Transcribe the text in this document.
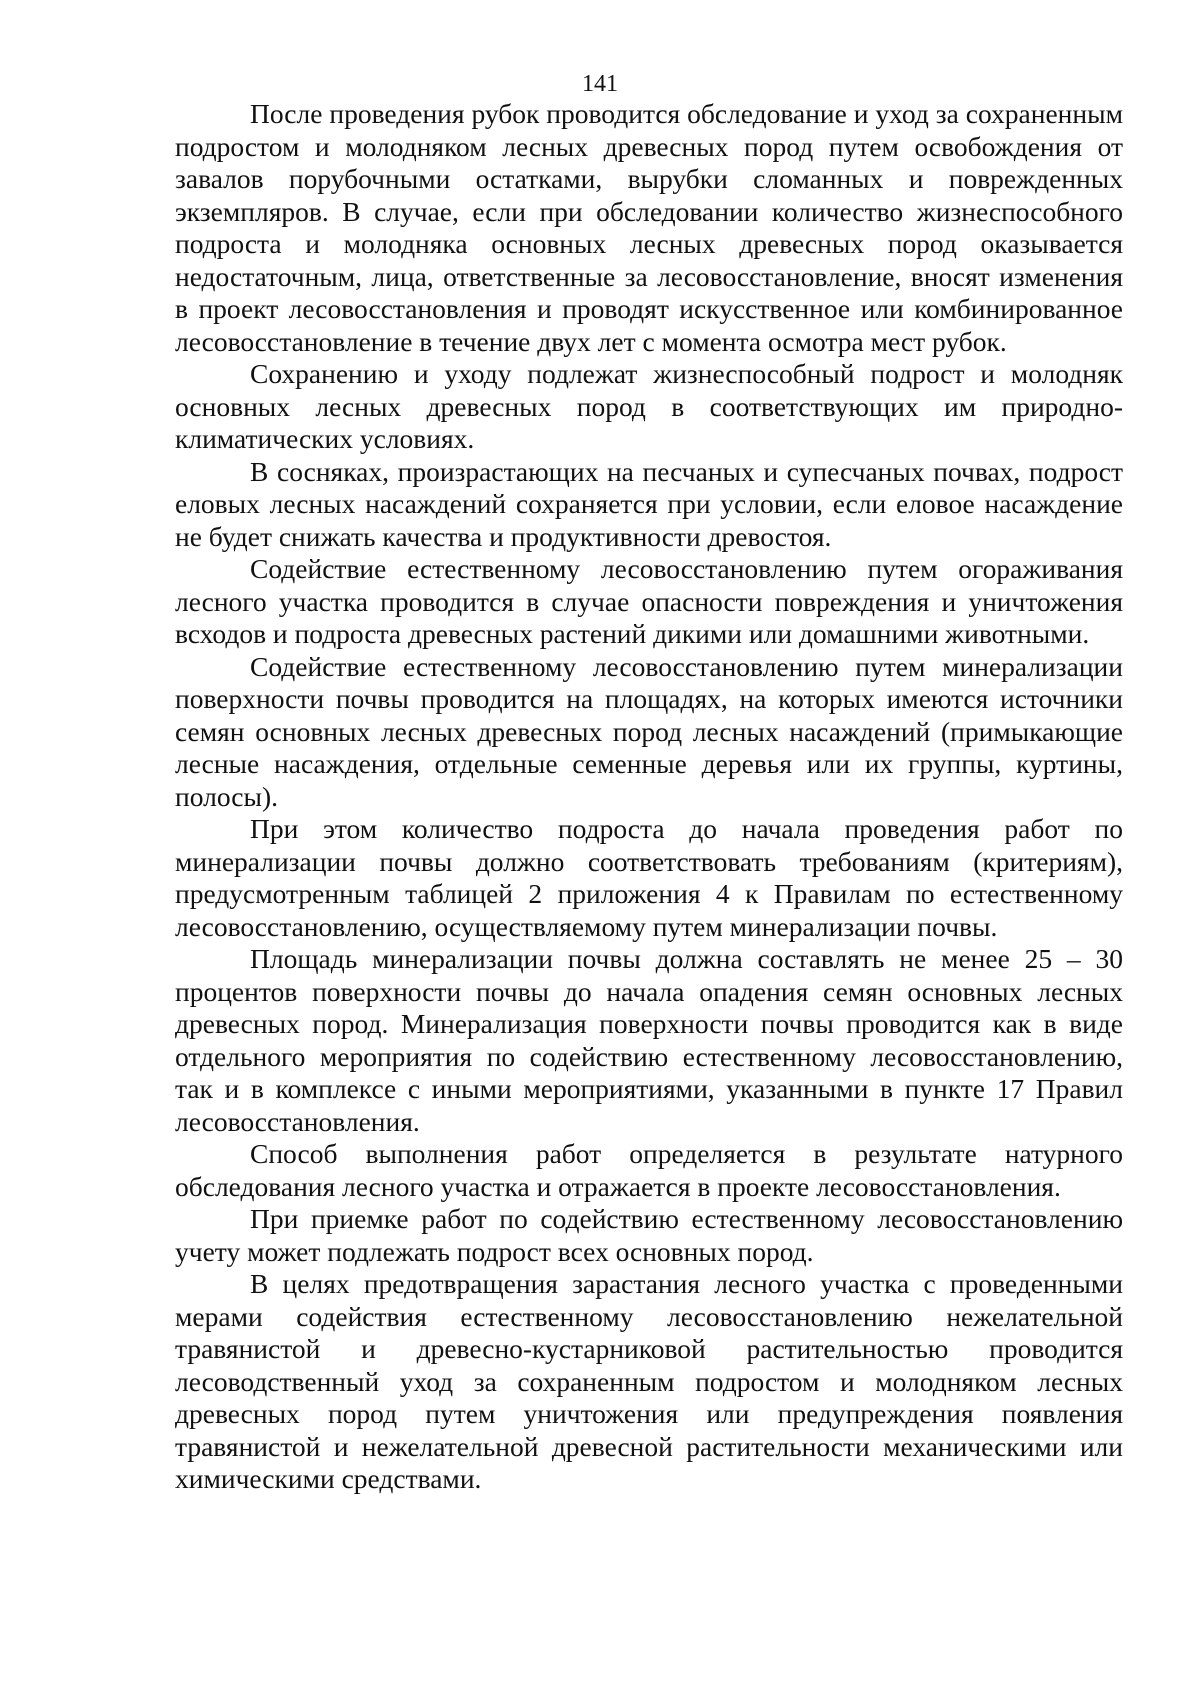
141

После проведения рубок проводится обследование и уход за сохраненным подростом и молодняком лесных древесных пород путем освобождения от завалов порубочными остатками, вырубки сломанных и поврежденных экземпляров. В случае, если при обследовании количество жизнеспособного подроста и молодняка основных лесных древесных пород оказывается недостаточным, лица, ответственные за лесовосстановление, вносят изменения в проект лесовосстановления и проводят искусственное или комбинированное лесовосстановление в течение двух лет с момента осмотра мест рубок.

Сохранению и уходу подлежат жизнеспособный подрост и молодняк основных лесных древесных пород в соответствующих им природно-климатических условиях.

В сосняках, произрастающих на песчаных и супесчаных почвах, подрост еловых лесных насаждений сохраняется при условии, если еловое насаждение не будет снижать качества и продуктивности древостоя.

Содействие естественному лесовосстановлению путем огораживания лесного участка проводится в случае опасности повреждения и уничтожения всходов и подроста древесных растений дикими или домашними животными.

Содействие естественному лесовосстановлению путем минерализации поверхности почвы проводится на площадях, на которых имеются источники семян основных лесных древесных пород лесных насаждений (примыкающие лесные насаждения, отдельные семенные деревья или их группы, куртины, полосы).

При этом количество подроста до начала проведения работ по минерализации почвы должно соответствовать требованиям (критериям), предусмотренным таблицей 2 приложения 4 к Правилам по естественному лесовосстановлению, осуществляемому путем минерализации почвы.

Площадь минерализации почвы должна составлять не менее 25 – 30 процентов поверхности почвы до начала опадения семян основных лесных древесных пород. Минерализация поверхности почвы проводится как в виде отдельного мероприятия по содействию естественному лесовосстановлению, так и в комплексе с иными мероприятиями, указанными в пункте 17 Правил лесовосстановления.

Способ выполнения работ определяется в результате натурного обследования лесного участка и отражается в проекте лесовосстановления.

При приемке работ по содействию естественному лесовосстановлению учету может подлежать подрост всех основных пород.

В целях предотвращения зарастания лесного участка с проведенными мерами содействия естественному лесовосстановлению нежелательной травянистой и древесно-кустарниковой растительностью проводится лесоводственный уход за сохраненным подростом и молодняком лесных древесных пород путем уничтожения или предупреждения появления травянистой и нежелательной древесной растительности механическими или химическими средствами.
